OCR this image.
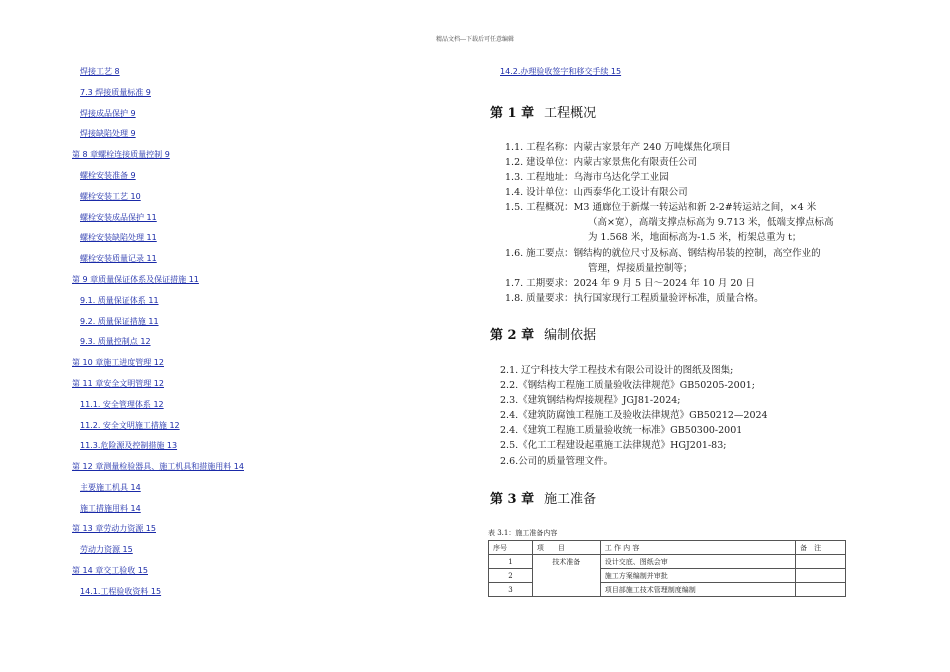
精品文档---下载后可任意编辑
焊接工艺 8
7.3 焊接质量标准 9
焊接成品保护 9
焊接缺陷处理 9
第 8 章螺栓连接质量控制 9
螺栓安装准备 9
螺栓安装工艺 10
螺栓安装成品保护 11
螺栓安装缺陷处理 11
螺栓安装质量记录 11
第 9 章质量保证体系及保证措施 11
9.1. 质量保证体系 11
9.2. 质量保证措施 11
9.3. 质量控制点 12
第 10 章施工进度管理 12
第 11 章安全文明管理 12
11.1. 安全管理体系 12
11.2. 安全文明施工措施 12
11.3.危险源及控制措施 13
第 12 章测量检验器具、施工机具和措施用料 14
主要施工机具 14
施工措施用料 14
第 13 章劳动力资源 15
劳动力资源 15
第 14 章交工验收 15
14.1.工程验收资料 15
14.2.办理验收签字和移交手续 15
第 1 章 工程概况
1.1. 工程名称：内蒙古家景年产 240 万吨煤焦化项目
1.2. 建设单位：内蒙古家景焦化有限责任公司
1.3. 工程地址：乌海市乌达化学工业园
1.4. 设计单位：山西泰华化工设计有限公司
1.5. 工程概况：M3 通廊位于新煤一转运站和新 2-2#转运站之间，×4 米
（高×宽），高端支撑点标高为 9.713 米，低端支撑点标高
为 1.568 米，地面标高为-1.5 米，桁架总重为 t；
1.6. 施工要点：钢结构的就位尺寸及标高、钢结构吊装的控制，高空作业的
管理，焊接质量控制等；
1.7. 工期要求：2024 年 9 月 5 日～2024 年 10 月 20 日
1.8. 质量要求：执行国家现行工程质量验评标准，质量合格。
第 2 章 编制依据
2.1. 辽宁科技大学工程技术有限公司设计的图纸及图集;
2.2.《钢结构工程施工质量验收法律规范》GB50205-2001;
2.3.《建筑钢结构焊接规程》JGJ81-2024;
2.4.《建筑防腐蚀工程施工及验收法律规范》GB50212—2024
2.4.《建筑工程施工质量验收统一标准》GB50300-2001
2.5.《化工工程建设起重施工法律规范》HGJ201-83;
2.6.公司的质量管理文件。
第 3 章 施工准备
表 3.1：施工准备内容
序号	项　　目	工 作 内 容	备　注
1	技术准备	设计交底、图纸会审	
2		施工方案编制并审批	
3		项目部施工技术管理制度编制	
